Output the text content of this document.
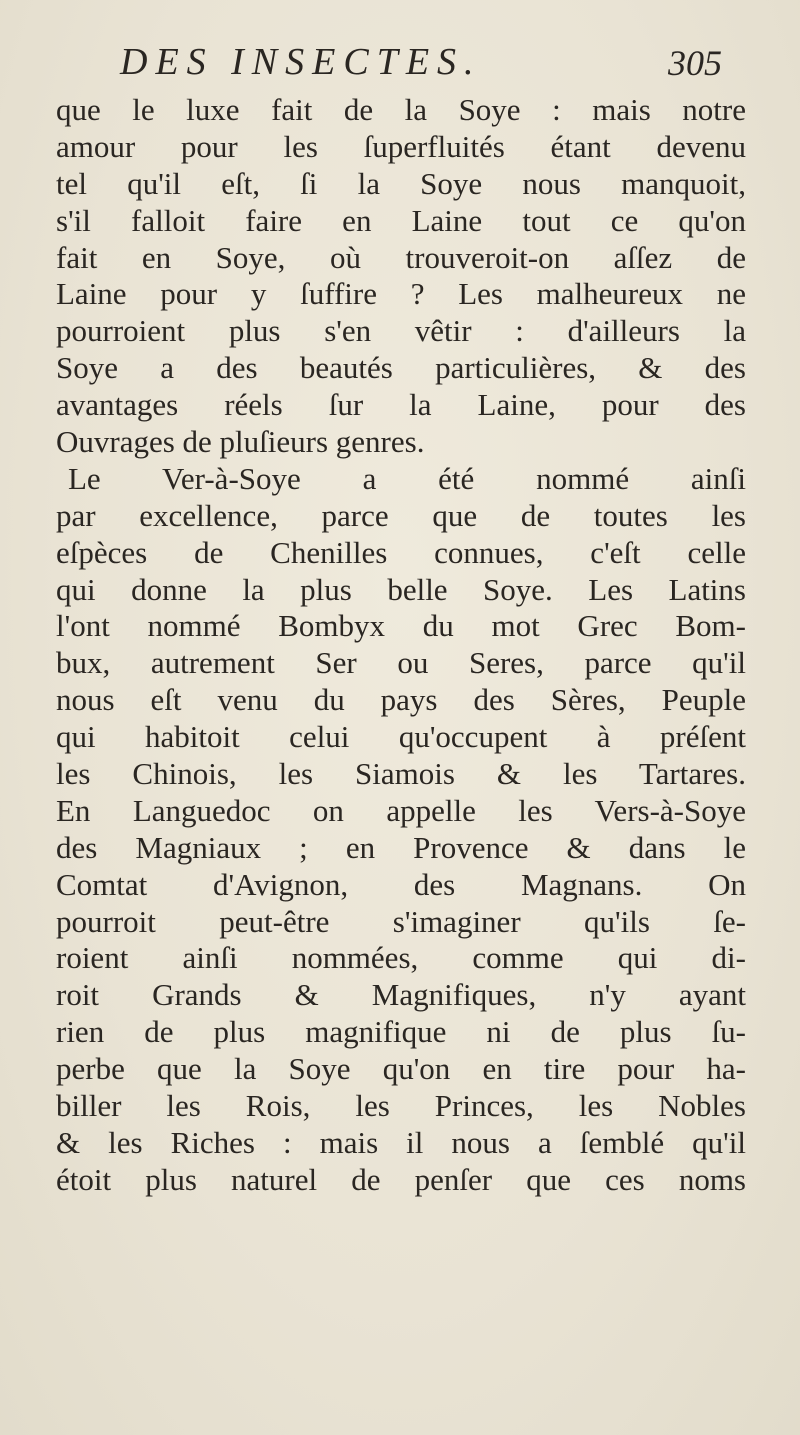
DES INSECTES.	305
que le luxe fait de la Soye : mais notre
amour pour les ſuperfluités étant devenu
tel qu'il eſt, ſi la Soye nous manquoit,
s'il falloit faire en Laine tout ce qu'on
fait en Soye, où trouveroit-on aſſez de
Laine pour y ſuffire ? Les malheureux ne
pourroient plus s'en vêtir : d'ailleurs la
Soye a des beautés particulières, & des
avantages réels ſur la Laine, pour des
Ouvrages de pluſieurs genres.
Le Ver-à-Soye a été nommé ainſi
par excellence, parce que de toutes les
eſpèces de Chenilles connues, c'eſt celle
qui donne la plus belle Soye. Les Latins
l'ont nommé Bombyx du mot Grec Bom-
bux, autrement Ser ou Seres, parce qu'il
nous eſt venu du pays des Sères, Peuple
qui habitoit celui qu'occupent à préſent
les Chinois, les Siamois & les Tartares.
En Languedoc on appelle les Vers-à-Soye
des Magniaux ; en Provence & dans le
Comtat d'Avignon, des Magnans. On
pourroit peut-être s'imaginer qu'ils ſe-
roient ainſi nommées, comme qui di-
roit Grands & Magnifiques, n'y ayant
rien de plus magnifique ni de plus ſu-
perbe que la Soye qu'on en tire pour ha-
biller les Rois, les Princes, les Nobles
& les Riches : mais il nous a ſemblé qu'il
étoit plus naturel de penſer que ces noms
